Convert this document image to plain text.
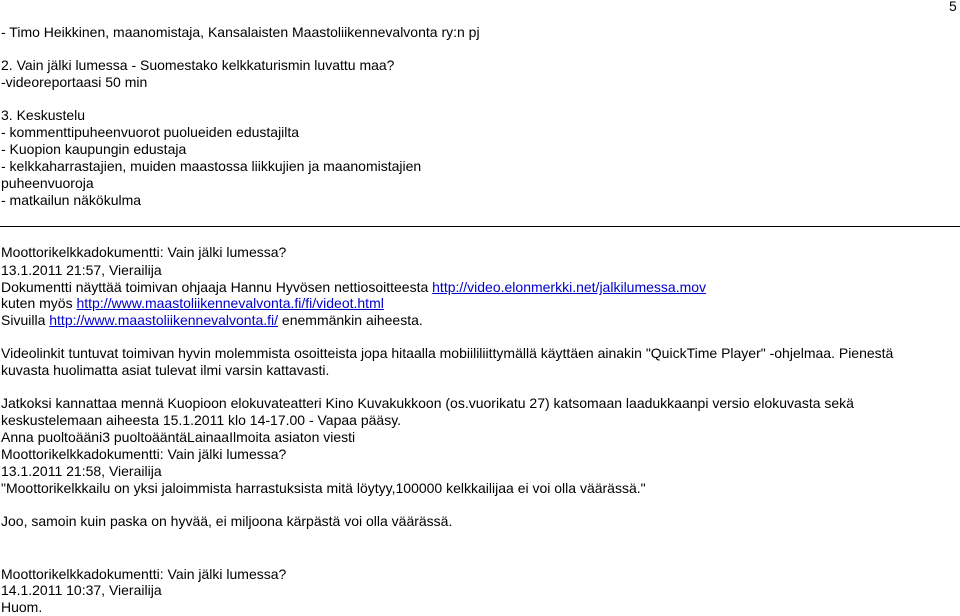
5
- Timo Heikkinen, maanomistaja, Kansalaisten Maastoliikennevalvonta ry:n pj
2. Vain jälki lumessa - Suomestako kelkkaturismin luvattu maa?
-videoreportaasi 50 min
3. Keskustelu
- kommenttipuheenvuorot puolueiden edustajilta
- Kuopion kaupungin edustaja
- kelkkaharrastajien, muiden maastossa liikkujien ja maanomistajien
puheenvuoroja
- matkailun näkökulma
Moottorikelkkadokumentti: Vain jälki lumessa?
13.1.2011 21:57, Vierailija
Dokumentti näyttää toimivan ohjaaja Hannu Hyvösen nettiosoitteesta http://video.elonmerkki.net/jalkilumessa.mov
kuten myös http://www.maastoliikennevalvonta.fi/fi/videot.html
Sivuilla http://www.maastoliikennevalvonta.fi/ enemmänkin aiheesta.
Videolinkit tuntuvat toimivan hyvin molemmista osoitteista jopa hitaalla mobiililiittymällä käyttäen ainakin "QuickTime Player" -ohjelmaa. Pienestä
kuvasta huolimatta asiat tulevat ilmi varsin kattavasti.
Jatkoksi kannattaa mennä Kuopioon elokuvateatteri Kino Kuvakukkoon (os.vuorikatu 27) katsomaan laadukkaanpi versio elokuvasta sekä
keskustelemaan aiheesta 15.1.2011 klo 14-17.00 - Vapaa pääsy.
Anna puoltoääni3 puoltoääntäLainaaIlmoita asiaton viesti
Moottorikelkkadokumentti: Vain jälki lumessa?
13.1.2011 21:58, Vierailija
"Moottorikelkkailu on yksi jaloimmista harrastuksista mitä löytyy,100000 kelkkailijaa ei voi olla väärässä."
Joo, samoin kuin paska on hyvää, ei miljoona kärpästä voi olla väärässä.
Moottorikelkkadokumentti: Vain jälki lumessa?
14.1.2011 10:37, Vierailija
Huom.
